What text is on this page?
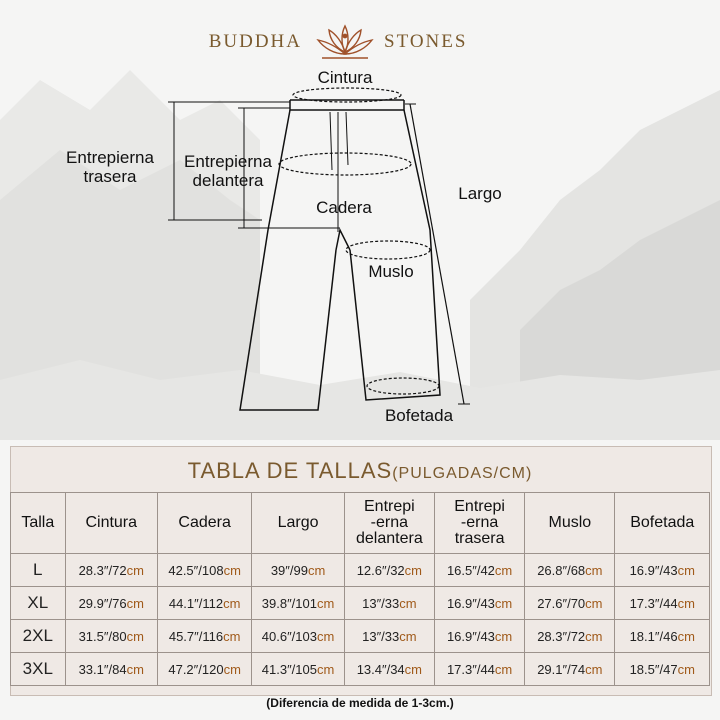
BUDDHA	STONES
Cintura
Entrepierna
trasera
Entrepierna
delantera
Cadera
Largo
Muslo
Bofetada
TABLA DE TALLAS(PULGADAS/CM)
Talla	Cintura	Cadera	Largo	Entrepi
-erna
delantera	Entrepi
-erna
trasera	Muslo	Bofetada
L	28.3″/72cm	42.5″/108cm	39″/99cm	12.6″/32cm	16.5″/42cm	26.8″/68cm	16.9″/43cm
XL	29.9″/76cm	44.1″/112cm	39.8″/101cm	13″/33cm	16.9″/43cm	27.6″/70cm	17.3″/44cm
2XL	31.5″/80cm	45.7″/116cm	40.6″/103cm	13″/33cm	16.9″/43cm	28.3″/72cm	18.1″/46cm
3XL	33.1″/84cm	47.2″/120cm	41.3″/105cm	13.4″/34cm	17.3″/44cm	29.1″/74cm	18.5″/47cm
(Diferencia de medida de 1-3cm.)
